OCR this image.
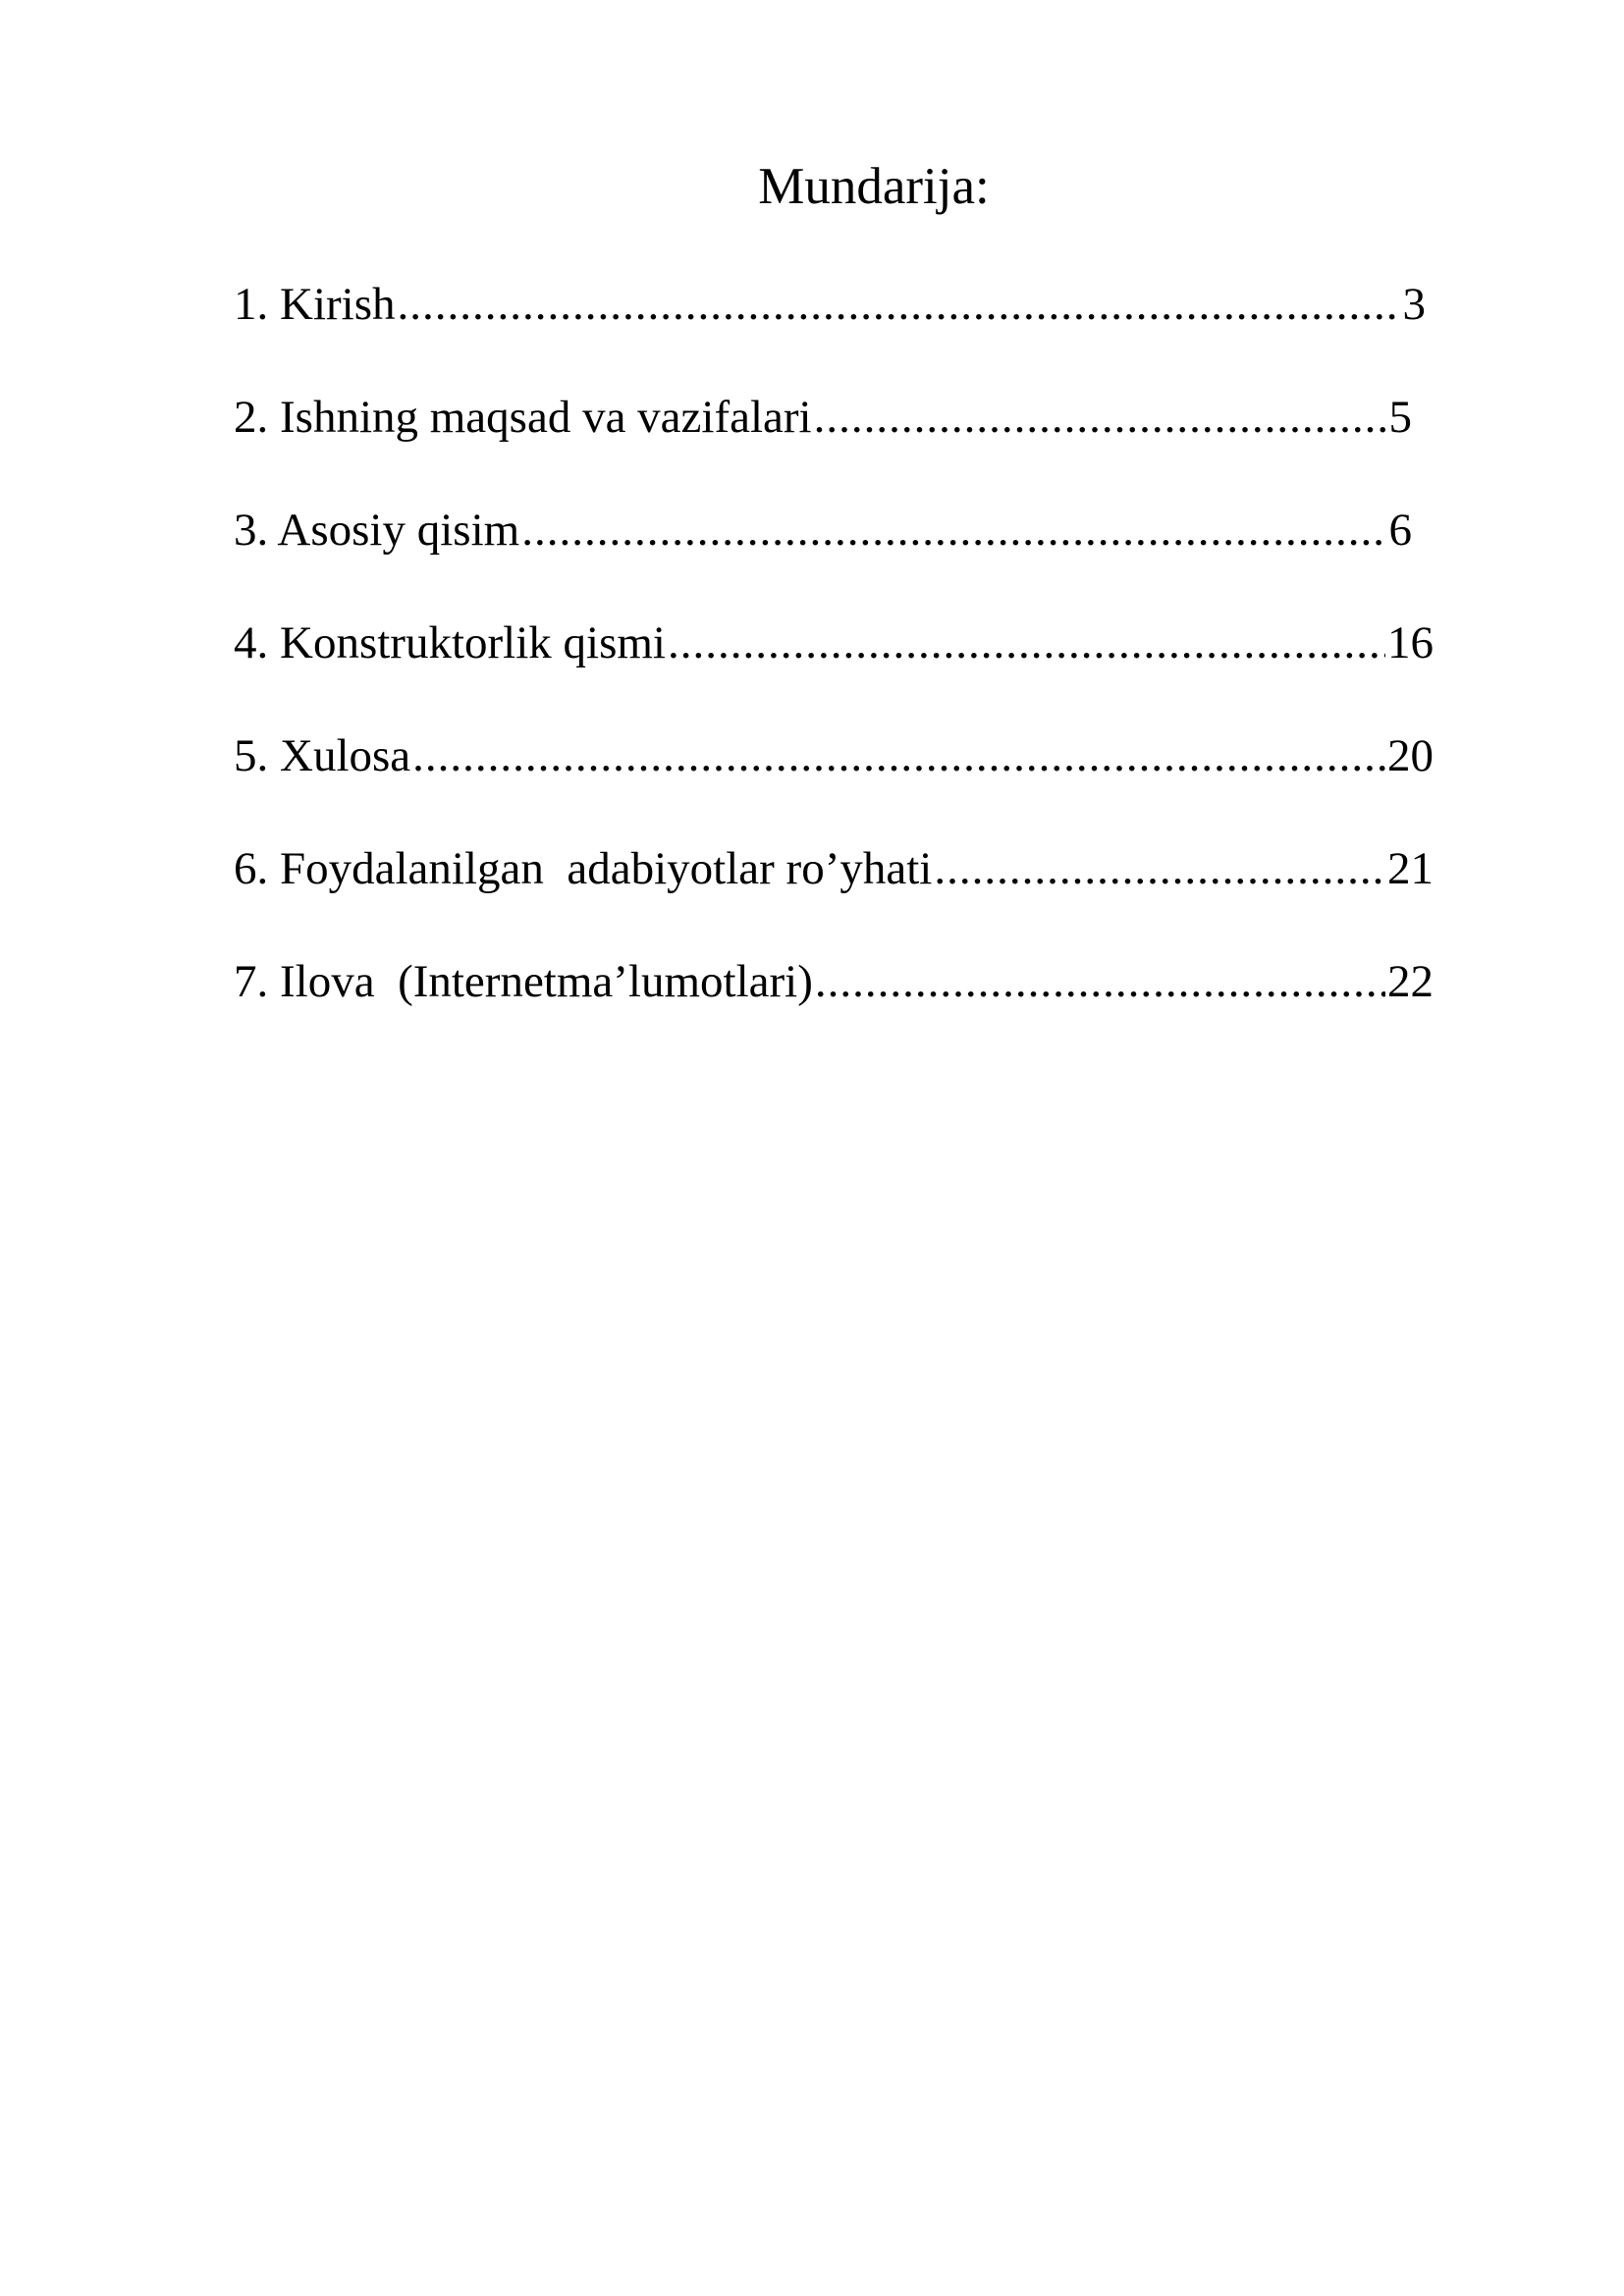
Mundarija:
1. Kirish .....	3
2. Ishning maqsad va vazifalari .....	5
3. Asosiy qisim .....	6
4. Konstruktorlik qismi .....	16
5. Xulosa .....	20
6. Foydalanilgan  adabiyotlar ro’yhati .....	21
7. Ilova  (Internetma’lumotlari) .....	22
